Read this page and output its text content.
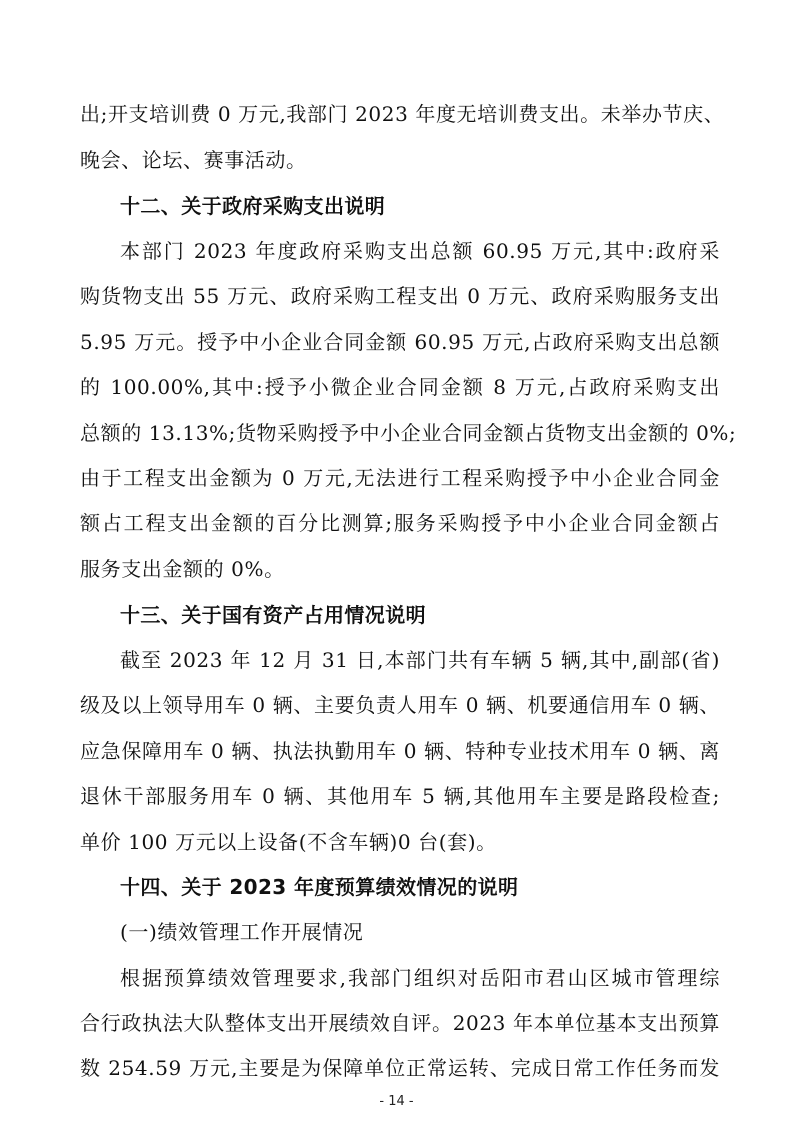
出;开支培训费 0 万元,我部门 2023 年度无培训费支出。未举办节庆、
晚会、论坛、赛事活动。
十二、关于政府采购支出说明
本部门 2023 年度政府采购支出总额 60.95 万元,其中:政府采
购货物支出 55 万元、政府采购工程支出 0 万元、政府采购服务支出
5.95 万元。授予中小企业合同金额 60.95 万元,占政府采购支出总额
的 100.00%,其中:授予小微企业合同金额 8 万元,占政府采购支出
总额的 13.13%;货物采购授予中小企业合同金额占货物支出金额的 0%;
由于工程支出金额为 0 万元,无法进行工程采购授予中小企业合同金
额占工程支出金额的百分比测算;服务采购授予中小企业合同金额占
服务支出金额的 0%。
十三、关于国有资产占用情况说明
截至 2023 年 12 月 31 日,本部门共有车辆 5 辆,其中,副部(省)
级及以上领导用车 0 辆、主要负责人用车 0 辆、机要通信用车 0 辆、
应急保障用车 0 辆、执法执勤用车 0 辆、特种专业技术用车 0 辆、离
退休干部服务用车 0 辆、其他用车 5 辆,其他用车主要是路段检查;
单价 100 万元以上设备(不含车辆)0 台(套)。
十四、关于 2023 年度预算绩效情况的说明
(一)绩效管理工作开展情况
根据预算绩效管理要求,我部门组织对岳阳市君山区城市管理综
合行政执法大队整体支出开展绩效自评。2023 年本单位基本支出预算
数 254.59 万元,主要是为保障单位正常运转、完成日常工作任务而发
- 14 -
